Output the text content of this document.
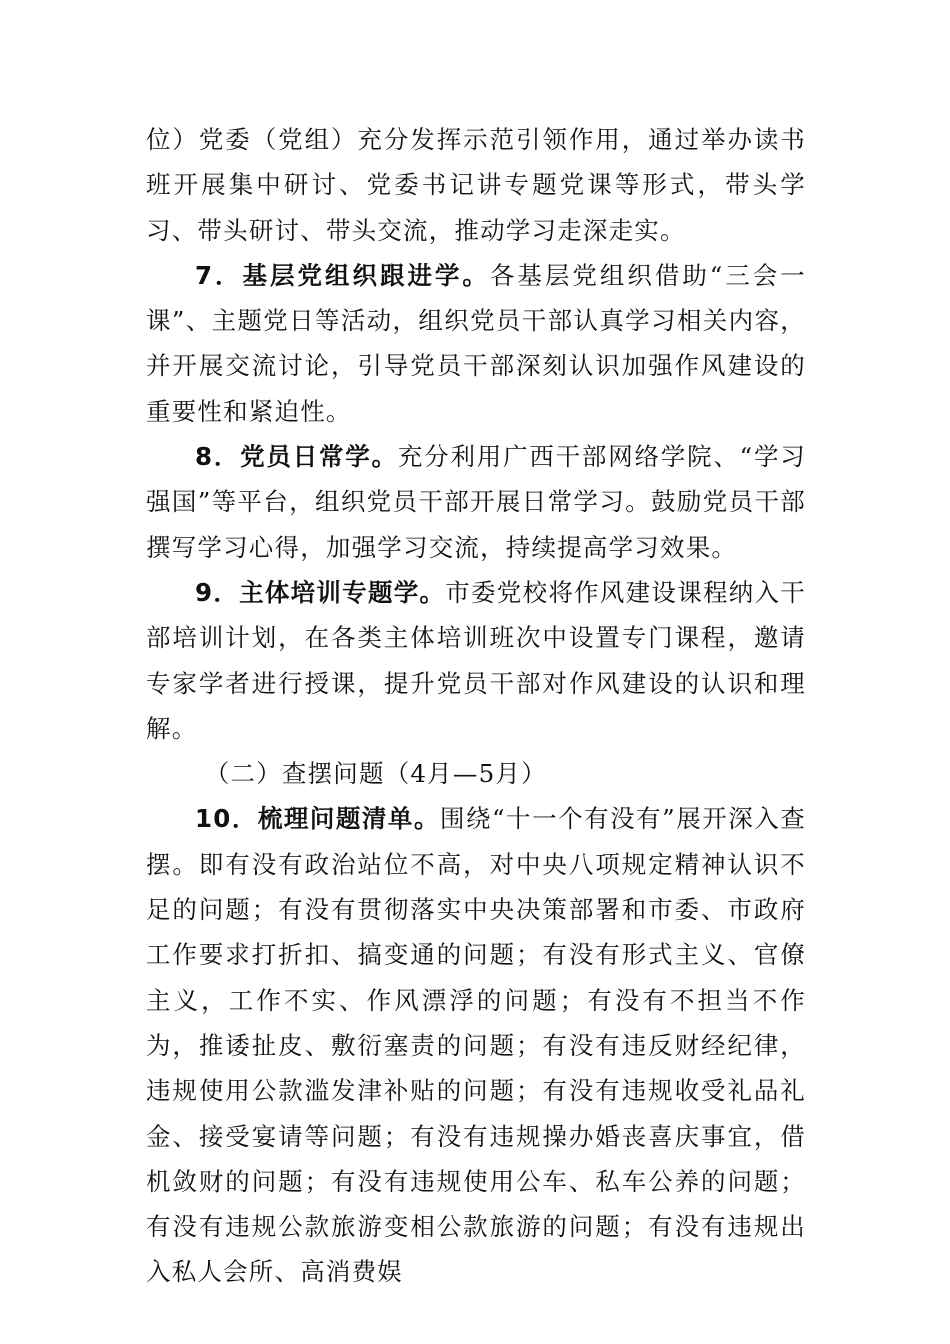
位）党委（党组）充分发挥示范引领作用，通过举办读书班开展集中研讨、党委书记讲专题党课等形式，带头学习、带头研讨、带头交流，推动学习走深走实。

7．基层党组织跟进学。各基层党组织借助“三会一课”、主题党日等活动，组织党员干部认真学习相关内容，并开展交流讨论，引导党员干部深刻认识加强作风建设的重要性和紧迫性。

8．党员日常学。充分利用广西干部网络学院、“学习强国”等平台，组织党员干部开展日常学习。鼓励党员干部撰写学习心得，加强学习交流，持续提高学习效果。

9．主体培训专题学。市委党校将作风建设课程纳入干部培训计划，在各类主体培训班次中设置专门课程，邀请专家学者进行授课，提升党员干部对作风建设的认识和理解。

（二）查摆问题（4月—5月）

10．梳理问题清单。围绕“十一个有没有”展开深入查摆。即有没有政治站位不高，对中央八项规定精神认识不足的问题；有没有贯彻落实中央决策部署和市委、市政府工作要求打折扣、搞变通的问题；有没有形式主义、官僚主义，工作不实、作风漂浮的问题；有没有不担当不作为，推诿扯皮、敷衍塞责的问题；有没有违反财经纪律，违规使用公款滥发津补贴的问题；有没有违规收受礼品礼金、接受宴请等问题；有没有违规操办婚丧喜庆事宜，借机敛财的问题；有没有违规使用公车、私车公养的问题；有没有违规公款旅游变相公款旅游的问题；有没有违规出入私人会所、高消费娱
